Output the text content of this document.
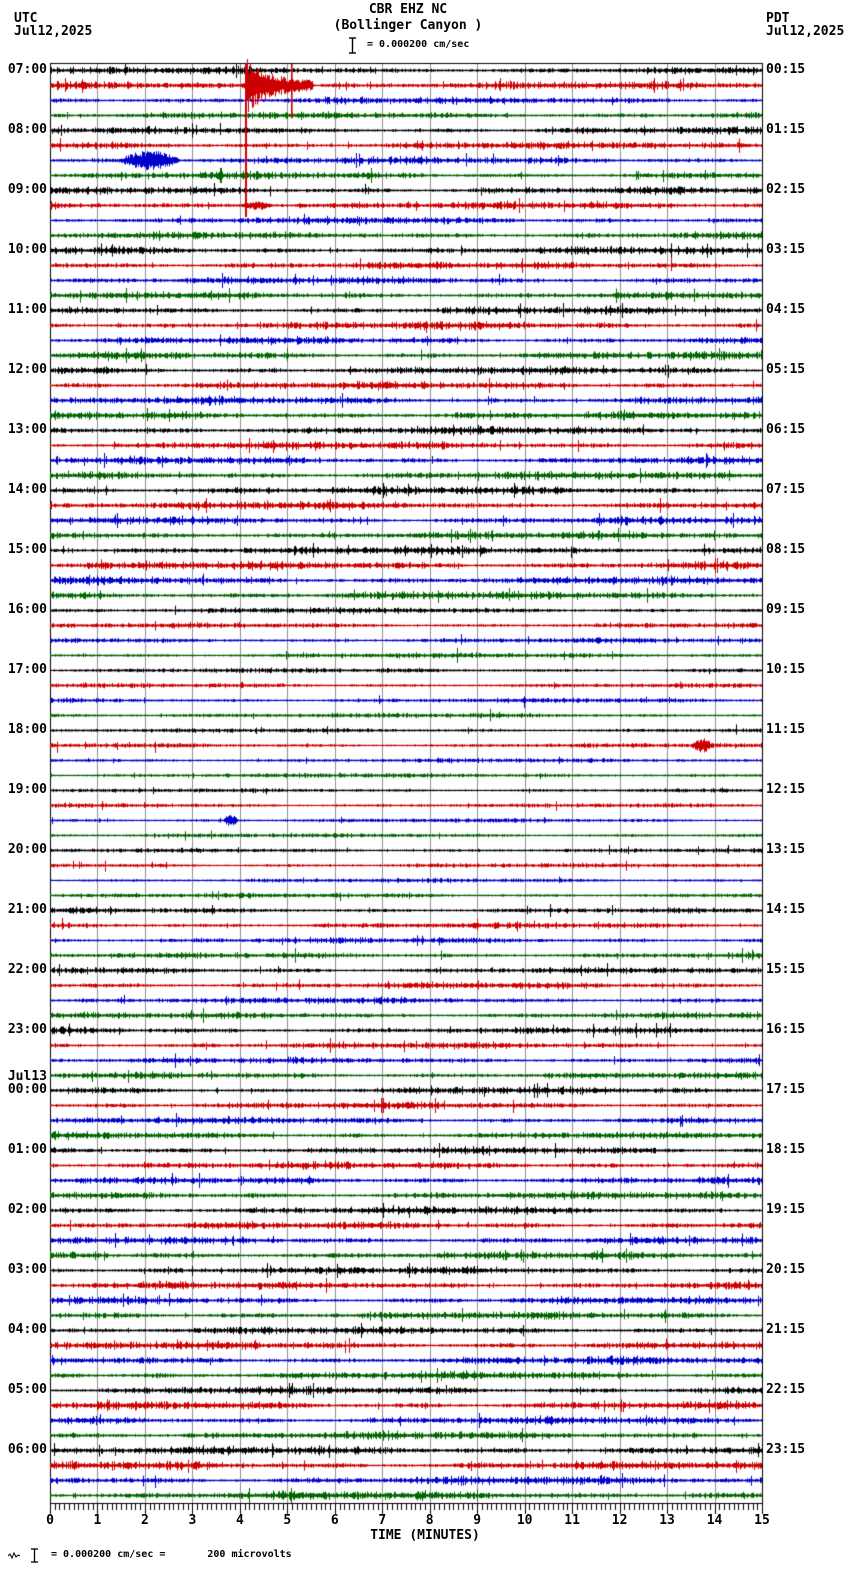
CBR EHZ NC
(Bollinger Canyon )
= 0.000200 cm/sec
UTC
Jul12,2025
PDT
Jul12,2025
07:00
08:00
09:00
10:00
11:00
12:00
13:00
14:00
15:00
16:00
17:00
18:00
19:00
20:00
21:00
22:00
23:00
00:00
Jul13
01:00
02:00
03:00
04:00
05:00
06:00
00:15
01:15
02:15
03:15
04:15
05:15
06:15
07:15
08:15
09:15
10:15
11:15
12:15
13:15
14:15
15:15
16:15
17:15
18:15
19:15
20:15
21:15
22:15
23:15
0	1	2	3	4	5	6	7	8	9	10	11	12	13	14	15
TIME (MINUTES)
= 0.000200 cm/sec =	200 microvolts
